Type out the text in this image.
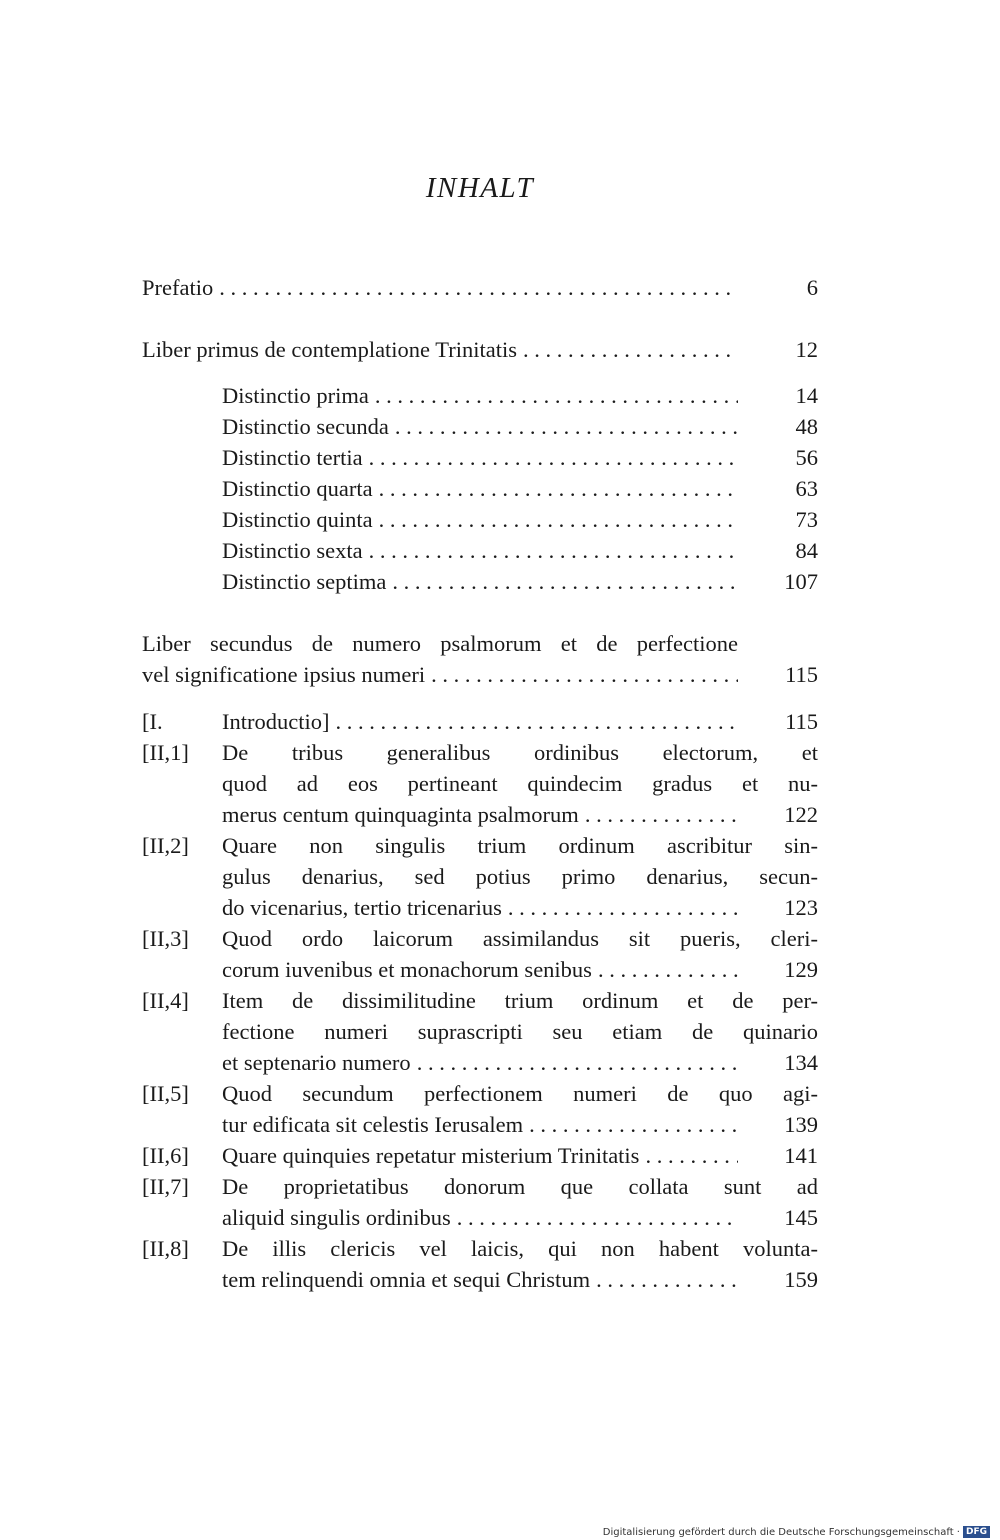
INHALT
Prefatio . . .	6
Liber primus de contemplatione Trinitatis . . .	12
Distinctio prima . . .	14
Distinctio secunda . . .	48
Distinctio tertia . . .	56
Distinctio quarta . . .	63
Distinctio quinta . . .	73
Distinctio sexta . . .	84
Distinctio septima . . .	107
Liber secundus de numero psalmorum et de perfectione
vel significatione ipsius numeri . . .	115
[I.	Introductio] . . .	115
[II,1] De tribus generalibus ordinibus electorum, et
quod ad eos pertineant quindecim gradus et nu-
merus centum quinquaginta psalmorum . . .	122
[II,2] Quare non singulis trium ordinum ascribitur sin-
gulus denarius, sed potius primo denarius, secun-
do vicenarius, tertio tricenarius . . .	123
[II,3] Quod ordo laicorum assimilandus sit pueris, cleri-
corum iuvenibus et monachorum senibus . . .	129
[II,4] Item de dissimilitudine trium ordinum et de per-
fectione numeri suprascripti seu etiam de quinario
et septenario numero . . .	134
[II,5] Quod secundum perfectionem numeri de quo agi-
tur edificata sit celestis Ierusalem . . .	139
[II,6] Quare quinquies repetatur misterium Trinitatis . . .	141
[II,7] De proprietatibus donorum que collata sunt ad
aliquid singulis ordinibus . . .	145
[II,8] De illis clericis vel laicis, qui non habent volunta-
tem relinquendi omnia et sequi Christum . . .	159
Digitalisierung gefördert durch die Deutsche Forschungsgemeinschaft · DFG
